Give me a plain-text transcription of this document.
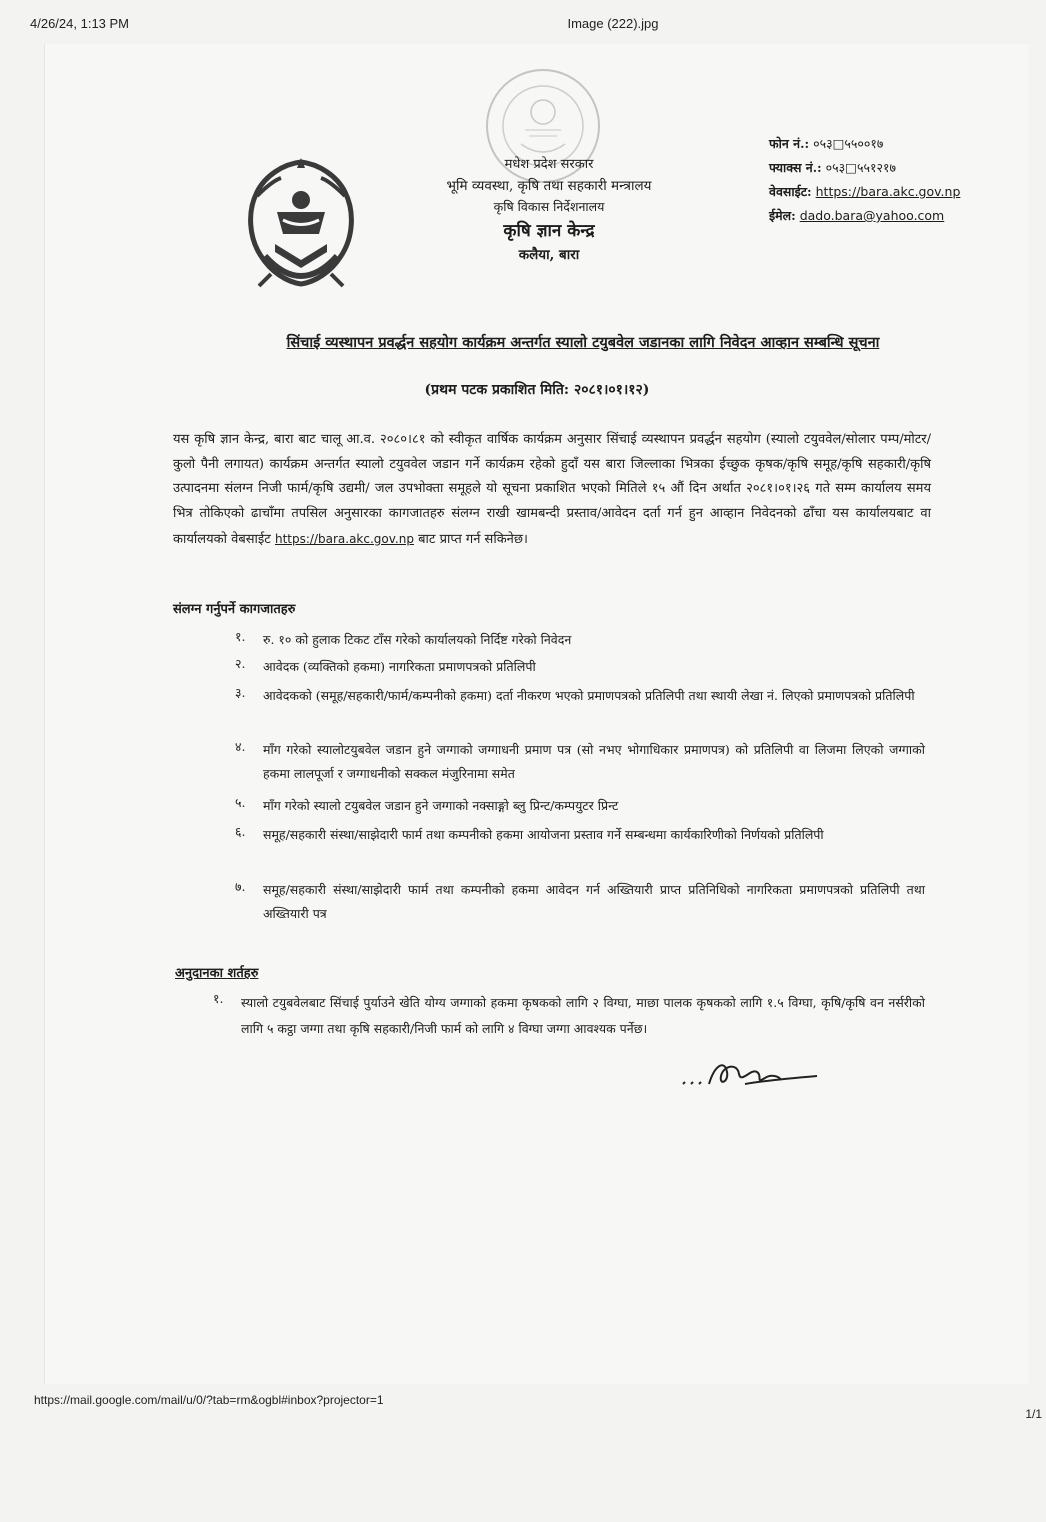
4/26/24, 1:13 PM	Image (222).jpg
मधेश प्रदेश सरकार
भूमि व्यवस्था, कृषि तथा सहकारी मन्त्रालय
कृषि विकास निर्देशनालय
कृषि ज्ञान केन्द्र
कलैया, बारा
फोन नं.: ०५३□५५००१७
फ्याक्स नं.: ०५३□५५१२१७
वेवसाईट: https://bara.akc.gov.np
ईमेल: dado.bara@yahoo.com
सिंचाई व्यस्थापन प्रवर्द्धन सहयोग कार्यक्रम अन्तर्गत स्यालो टयुबवेल जडानका लागि निवेदन आव्हान सम्बन्धि सूचना
(प्रथम पटक प्रकाशित मिति: २०८१।०१।१२)
यस कृषि ज्ञान केन्द्र, बारा बाट चालू आ.व. २०८०।८१ को स्वीकृत वार्षिक कार्यक्रम अनुसार सिंचाई व्यस्थापन प्रवर्द्धन सहयोग (स्यालो टयुववेल/सोलार पम्प/मोटर/कुलो पैनी लगायत) कार्यक्रम अन्तर्गत स्यालो टयुववेल जडान गर्ने कार्यक्रम रहेको हुदाँ यस बारा जिल्लाका भित्रका ईच्छुक कृषक/कृषि समूह/कृषि सहकारी/कृषि उत्पादनमा संलग्न निजी फार्म/कृषि उद्यमी/ जल उपभोक्ता समूहले यो सूचना प्रकाशित भएको मितिले १५ औं दिन अर्थात २०८१।०१।२६ गते सम्म कार्यालय समय भित्र तोकिएको ढाचाँमा तपसिल अनुसारका कागजातहरु संलग्न राखी खामबन्दी प्रस्ताव/आवेदन दर्ता गर्न हुन आव्हान निवेदनको ढाँचा यस कार्यालयबाट वा कार्यालयको वेबसाईट https://bara.akc.gov.np बाट प्राप्त गर्न सकिनेछ।
संलग्न गर्नुपर्ने कागजातहरु
१. रु. १० को हुलाक टिकट टाँस गरेको कार्यालयको निर्दिष्ट गरेको निवेदन
२. आवेदक (व्यक्तिको हकमा) नागरिकता प्रमाणपत्रको प्रतिलिपी
३. आवेदकको (समूह/सहकारी/फार्म/कम्पनीको हकमा) दर्ता नीकरण भएको प्रमाणपत्रको प्रतिलिपी तथा स्थायी लेखा नं. लिएको प्रमाणपत्रको प्रतिलिपी
४. माँग गरेको स्यालोटयुबवेल जडान हुने जग्गाको जग्गाधनी प्रमाण पत्र (सो नभए भोगाधिकार प्रमाणपत्र) को प्रतिलिपी वा लिजमा लिएको जग्गाको हकमा लालपूर्जा र जग्गाधनीको सक्कल मंजुरिनामा समेत
५. माँग गरेको स्यालो टयुबवेल जडान हुने जग्गाको नक्साङ्गो ब्लु प्रिन्ट/कम्पयुटर प्रिन्ट
६. समूह/सहकारी संस्था/साझेदारी फार्म तथा कम्पनीको हकमा आयोजना प्रस्ताव गर्ने सम्बन्धमा कार्यकारिणीको निर्णयको प्रतिलिपी
७. समूह/सहकारी संस्था/साझेदारी फार्म तथा कम्पनीको हकमा आवेदन गर्न अख्तियारी प्राप्त प्रतिनिधिको नागरिकता प्रमाणपत्रको प्रतिलिपी तथा अख्तियारी पत्र
अनुदानका शर्तहरु
१. स्यालो टयुबवेलबाट सिंचाई पुर्याउने खेति योग्य जग्गाको हकमा कृषकको लागि २ विग्घा, माछा पालक कृषकको लागि १.५ विग्घा, कृषि/कृषि वन नर्सरीको लागि ५ कट्ठा जग्गा तथा कृषि सहकारी/निजी फार्म को लागि ४ विग्घा जग्गा आवश्यक पर्नेछ।
https://mail.google.com/mail/u/0/?tab=rm&ogbl#inbox?projector=1
1/1
